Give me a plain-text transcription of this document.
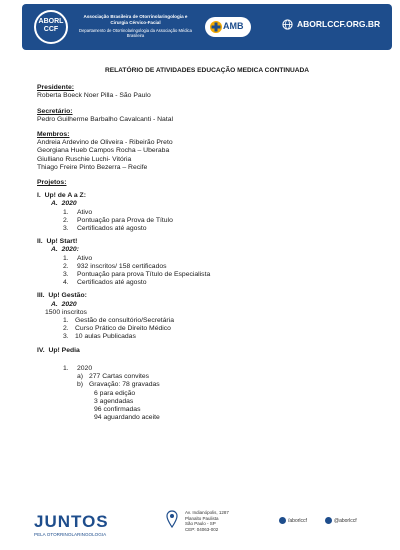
ABORL CCF
Associação Brasileira de Otorrinolaringologia e Cirurgia Cérvico-Facial
Departamento de Otorrinolaringologia da Associação Médica Brasileira
AMB	ABORLCCF.ORG.BR
RELATÓRIO DE ATIVIDADES EDUCAÇÃO MEDICA CONTINUADA
Presidente:
Roberta Boeck Noer Pilla - São Paulo
Secretário:
Pedro Guilherme Barbalho Cavalcanti - Natal
Membros:
Andreia Ardevino de Oliveira - Ribeirão Preto
Georgiana Hueb Campos Rocha – Uberaba
Giulliano Ruschie Luchi- Vitória
Thiago Freire Pinto Bezerra – Recife
Projetos:
I. Up! de A a Z:
A. 2020
1. Ativo
2. Pontuação para Prova de Título
3. Certificados até agosto
II. Up! Start!
A. 2020:
1. Ativo
2. 932 inscritos/ 158 certificados
3. Pontuação para prova Título de Especialista
4. Certificados até agosto
III. Up! Gestão:
A. 2020
1500 inscritos
1. Gestão de consultório/Secretária
2. Curso Prático de Direito Médico
3. 10 aulas Publicadas
IV. Up! Pedia
1. 2020
a) 277 Cartas convites
b) Gravação: 78 gravadas
6 para edição
3 agendadas
96 confirmadas
94 aguardando aceite
JUNTOS
PELA OTORRINOLARINGOLOGIA
Av. Indianópolis, 1287
Planalto Paulista
São Paulo - SP
CEP: 04063-002
/aborlccf	@aborlccf
